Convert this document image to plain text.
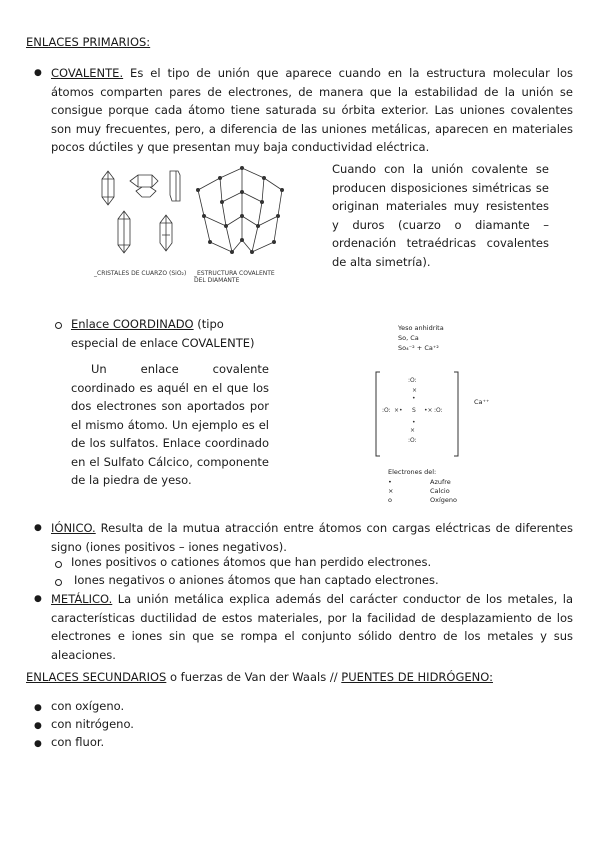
ENLACES PRIMARIOS:
● COVALENTE. Es el tipo de unión que aparece cuando en la estructura molecular los átomos comparten pares de electrones, de manera que la estabilidad de la unión se consigue porque cada átomo tiene saturada su órbita exterior. Las uniones covalentes son muy frecuentes, pero, a diferencia de las uniones metálicas, aparecen en materiales pocos dúctiles y que presentan muy baja conductividad eléctrica.

_CRISTALES DE CUARZO (SiO₂)	_ESTRUCTURA COVALENTE DEL DIAMANTE

Cuando con la unión covalente se producen disposiciones simétricas se originan materiales muy resistentes y duros (cuarzo o diamante – ordenación tetraédricas covalentes de alta simetría).

Enlace COORDINADO (tipo especial de enlace COVALENTE)

Un enlace covalente coordinado es aquél en el que los dos electrones son aportados por el mismo átomo. Un ejemplo es el de los sulfatos. Enlace coordinado en el Sulfato Cálcico, componente de la piedra de yeso.

Yeso anhidrita
Sο, Ca
Sο₄⁻² + Ca⁺²
:O:
×
•
:O: ×• S •× :O:
•
×
:O:
Ca⁺⁺
Electrones del:
•	Azufre
×	Calcio
o	Oxígeno
● IÓNICO. Resulta de la mutua atracción entre átomos con cargas eléctricas de diferentes signo (iones positivos – iones negativos).

Iones positivos o cationes átomos que han perdido electrones.
Iones negativos o aniones átomos que han captado electrones.
● METÁLICO. La unión metálica explica además del carácter conductor de los metales, la características ductilidad de estos materiales, por la facilidad de desplazamiento de los electrones e iones sin que se rompa el conjunto sólido dentro de los metales y sus aleaciones.

ENLACES SECUNDARIOS o fuerzas de Van der Waals // PUENTES DE HIDRÓGENO:
● con oxígeno.
● con nitrógeno.
● con fluor.
